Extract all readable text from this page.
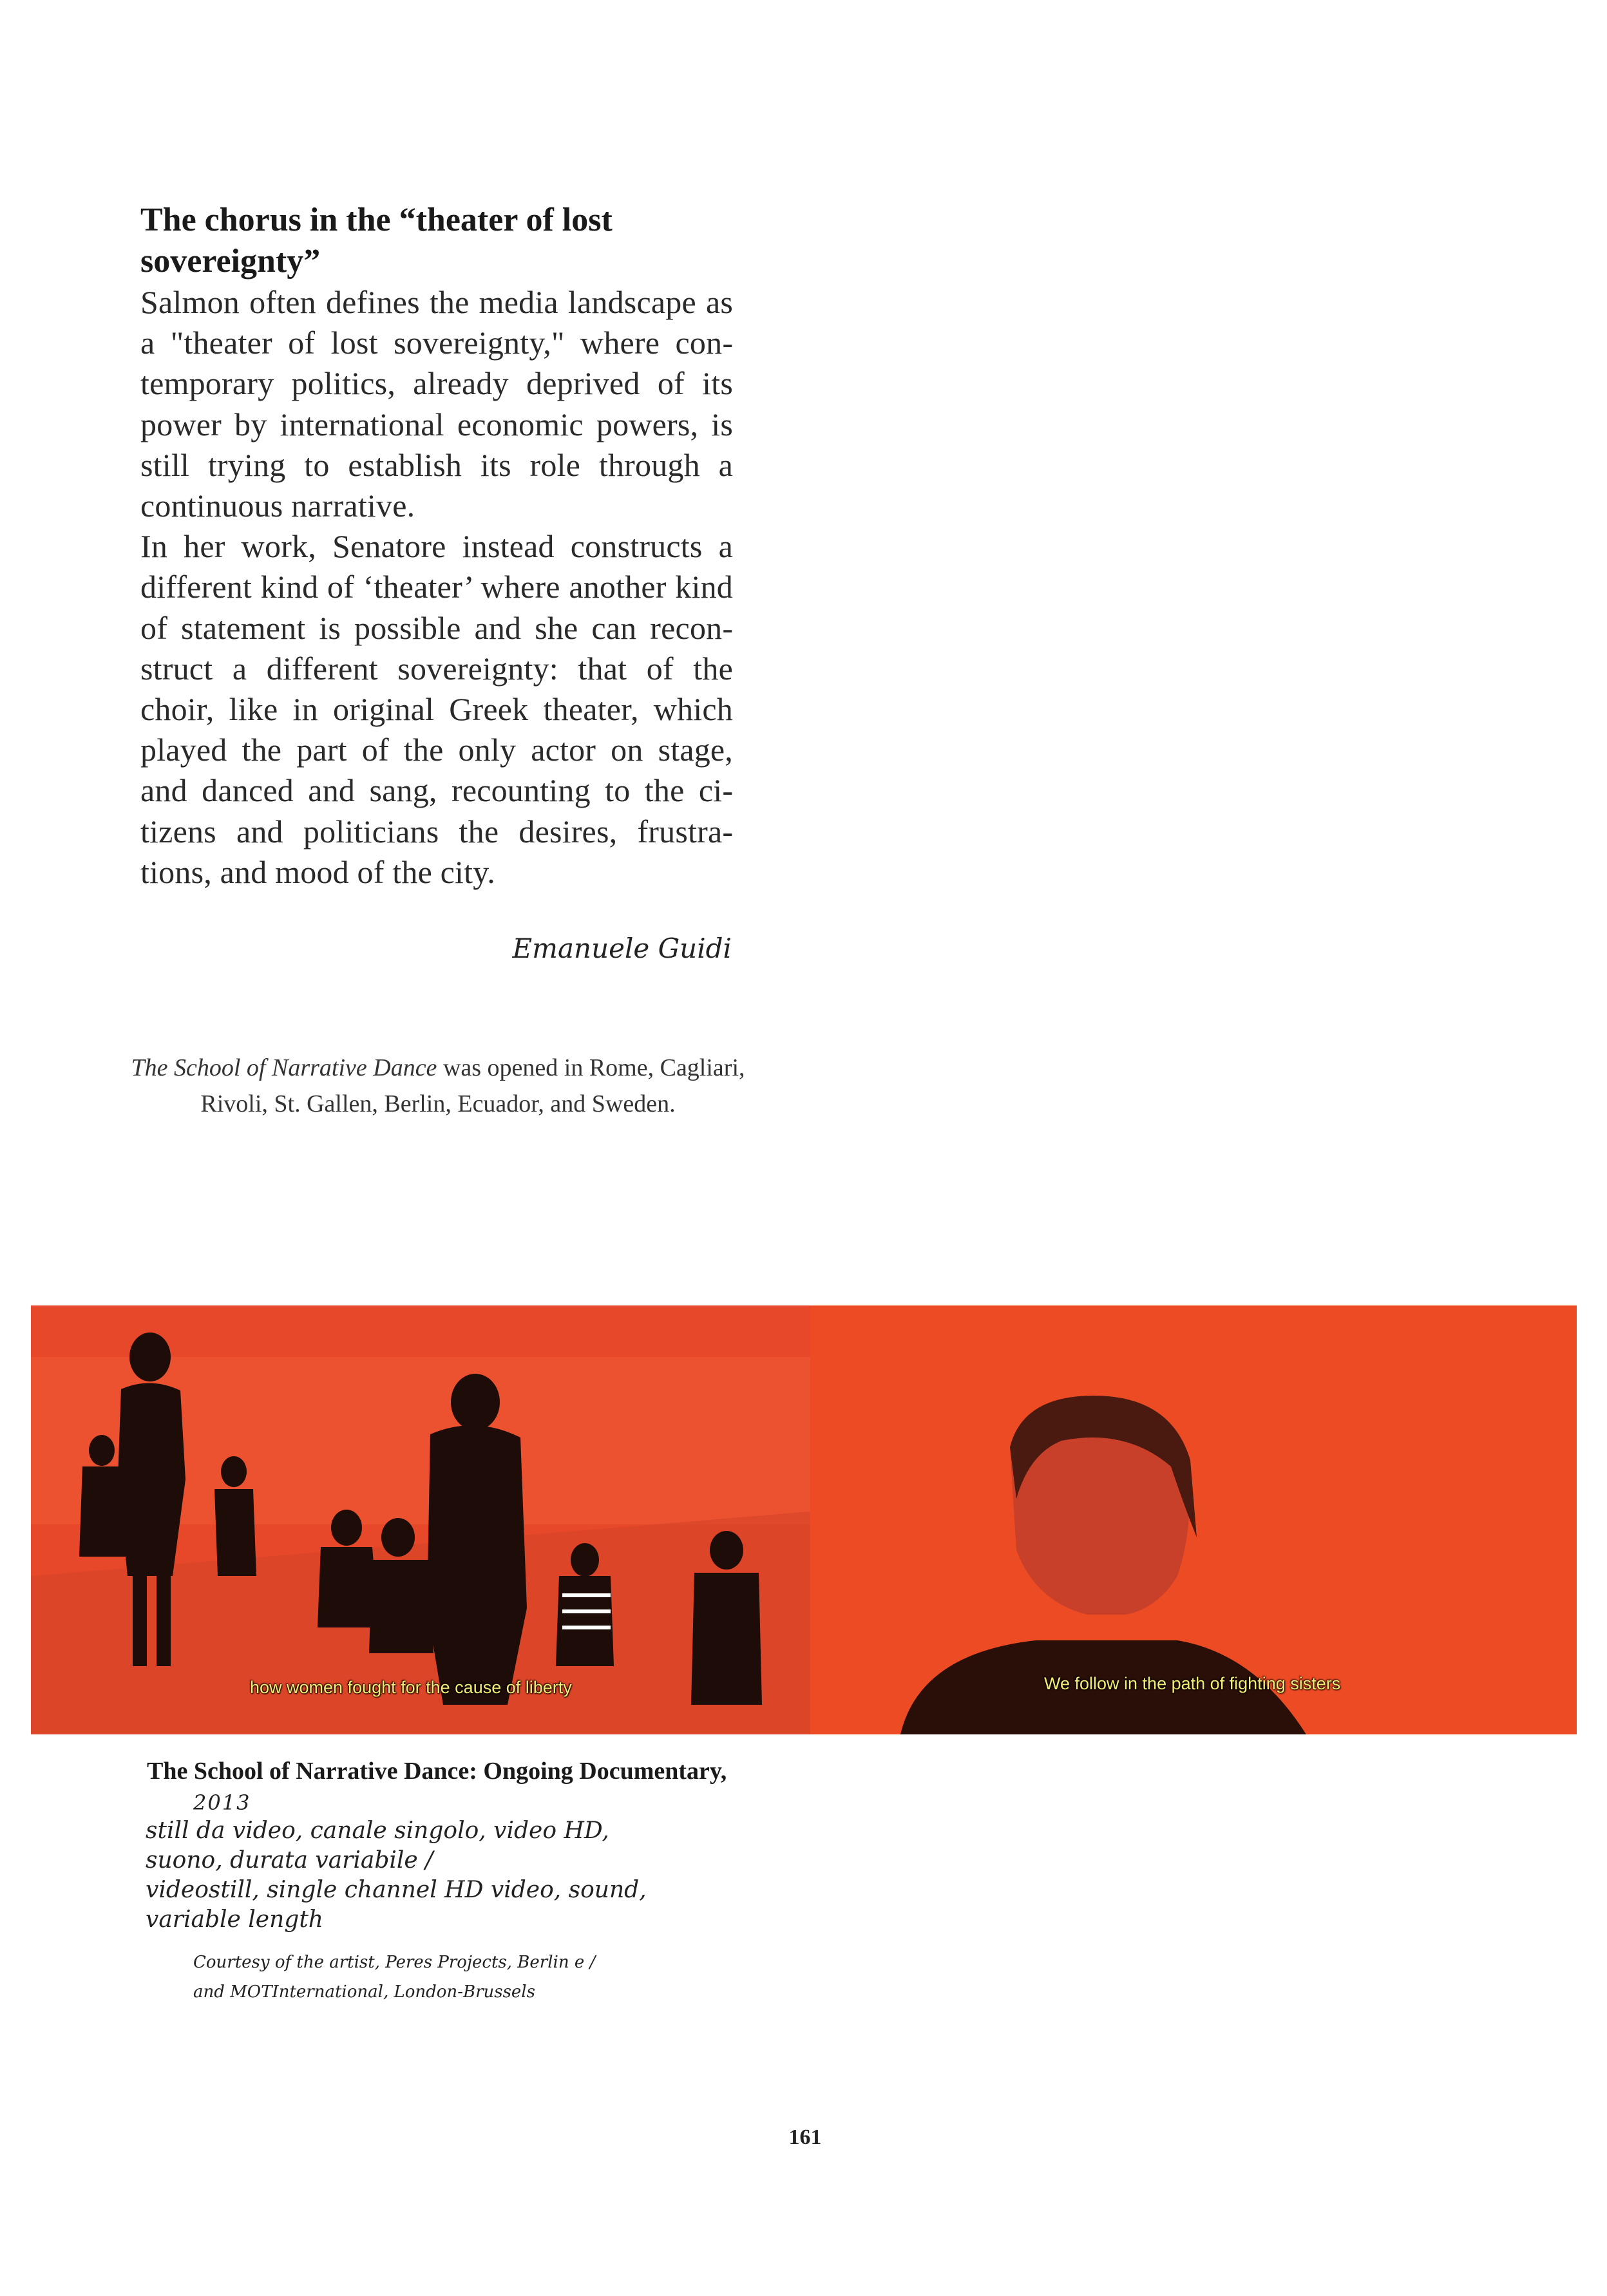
The chorus in the “theater of lost sovereignty”

Salmon often defines the media landscape as a "theater of lost sovereignty," where contemporary politics, already deprived of its power by international economic powers, is still trying to establish its role through a continuous narrative.

In her work, Senatore instead constructs a different kind of ‘theater’ where another kind of statement is possible and she can reconstruct a different sovereignty: that of the choir, like in original Greek theater, which played the part of the only actor on stage, and danced and sang, recounting to the citizens and politicians the desires, frustrations, and mood of the city.

Emanuele Guidi
The School of Narrative Dance was opened in Rome, Cagliari, Rivoli, St. Gallen, Berlin, Ecuador, and Sweden.
how women fought for the cause of liberty	We follow in the path of fighting sisters
The School of Narrative Dance: Ongoing Documentary,
2013
still da video, canale singolo, video HD,
suono, durata variabile /
videostill, single channel HD video, sound,
variable length
Courtesy of the artist, Peres Projects, Berlin e /
and MOTInternational, London-Brussels
161
